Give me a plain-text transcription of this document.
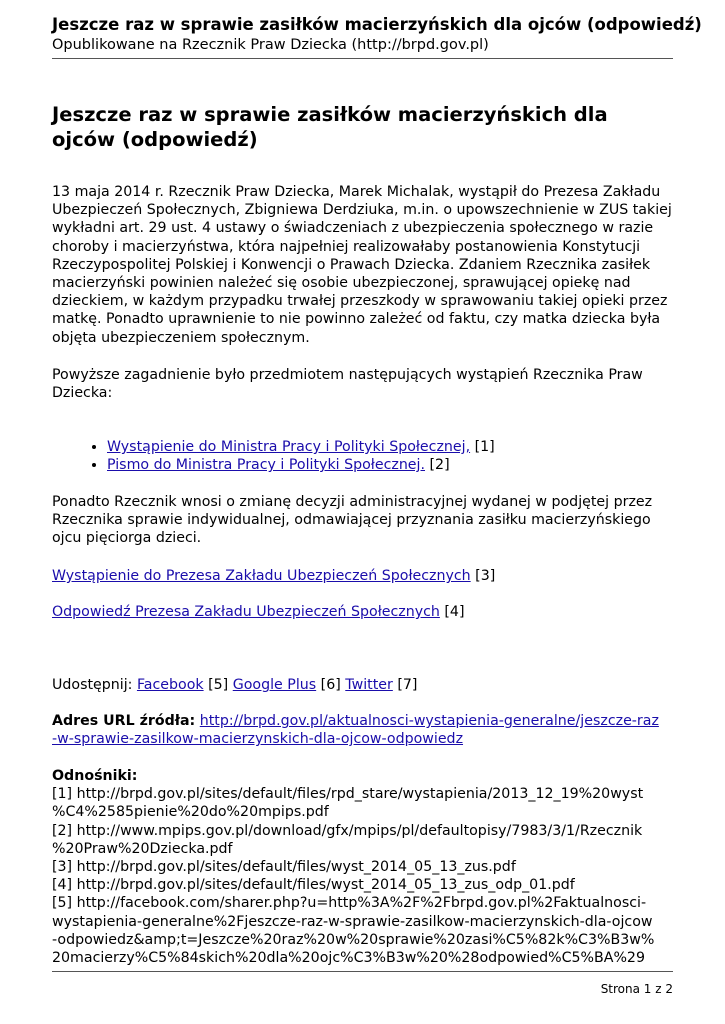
Jeszcze raz w sprawie zasiłków macierzyńskich dla ojców (odpowiedź)
Opublikowane na Rzecznik Praw Dziecka (http://brpd.gov.pl)
Jeszcze raz w sprawie zasiłków macierzyńskich dla ojców (odpowiedź)
13 maja 2014 r. Rzecznik Praw Dziecka, Marek Michalak, wystąpił do Prezesa Zakładu Ubezpieczeń Społecznych, Zbigniewa Derdziuka, m.in. o upowszechnienie w ZUS takiej wykładni art. 29 ust. 4 ustawy o świadczeniach z ubezpieczenia społecznego w razie choroby i macierzyństwa, która najpełniej realizowałaby postanowienia Konstytucji Rzeczypospolitej Polskiej i Konwencji o Prawach Dziecka. Zdaniem Rzecznika zasiłek macierzyński powinien należeć się osobie ubezpieczonej, sprawującej opiekę nad dzieckiem, w każdym przypadku trwałej przeszkody w sprawowaniu takiej opieki przez matkę. Ponadto uprawnienie to nie powinno zależeć od faktu, czy matka dziecka była objęta ubezpieczeniem społecznym.
Powyższe zagadnienie było przedmiotem następujących wystąpień Rzecznika Praw Dziecka:
• Wystąpienie do Ministra Pracy i Polityki Społecznej, [1]
• Pismo do Ministra Pracy i Polityki Społecznej. [2]
Ponadto Rzecznik wnosi o zmianę decyzji administracyjnej wydanej w podjętej przez Rzecznika sprawie indywidualnej, odmawiającej przyznania zasiłku macierzyńskiego ojcu pięciorga dzieci.
Wystąpienie do Prezesa Zakładu Ubezpieczeń Społecznych [3]
Odpowiedź Prezesa Zakładu Ubezpieczeń Społecznych [4]
Udostępnij: Facebook [5] Google Plus [6] Twitter [7]
Adres URL źródła: http://brpd.gov.pl/aktualnosci-wystapienia-generalne/jeszcze-raz-w-sprawie-zasilkow-macierzynskich-dla-ojcow-odpowiedz
Odnośniki:
[1] http://brpd.gov.pl/sites/default/files/rpd_stare/wystapienia/2013_12_19%20wyst
%C4%2585pienie%20do%20mpips.pdf
[2] http://www.mpips.gov.pl/download/gfx/mpips/pl/defaultopisy/7983/3/1/Rzecznik
%20Praw%20Dziecka.pdf
[3] http://brpd.gov.pl/sites/default/files/wyst_2014_05_13_zus.pdf
[4] http://brpd.gov.pl/sites/default/files/wyst_2014_05_13_zus_odp_01.pdf
[5] http://facebook.com/sharer.php?u=http%3A%2F%2Fbrpd.gov.pl%2Faktualnosci-
wystapienia-generalne%2Fjeszcze-raz-w-sprawie-zasilkow-macierzynskich-dla-ojcow
-odpowiedz&amp;t=Jeszcze%20raz%20w%20sprawie%20zasi%C5%82k%C3%B3w%
20macierzy%C5%84skich%20dla%20ojc%C3%B3w%20%28odpowied%C5%BA%29
Strona 1 z 2
